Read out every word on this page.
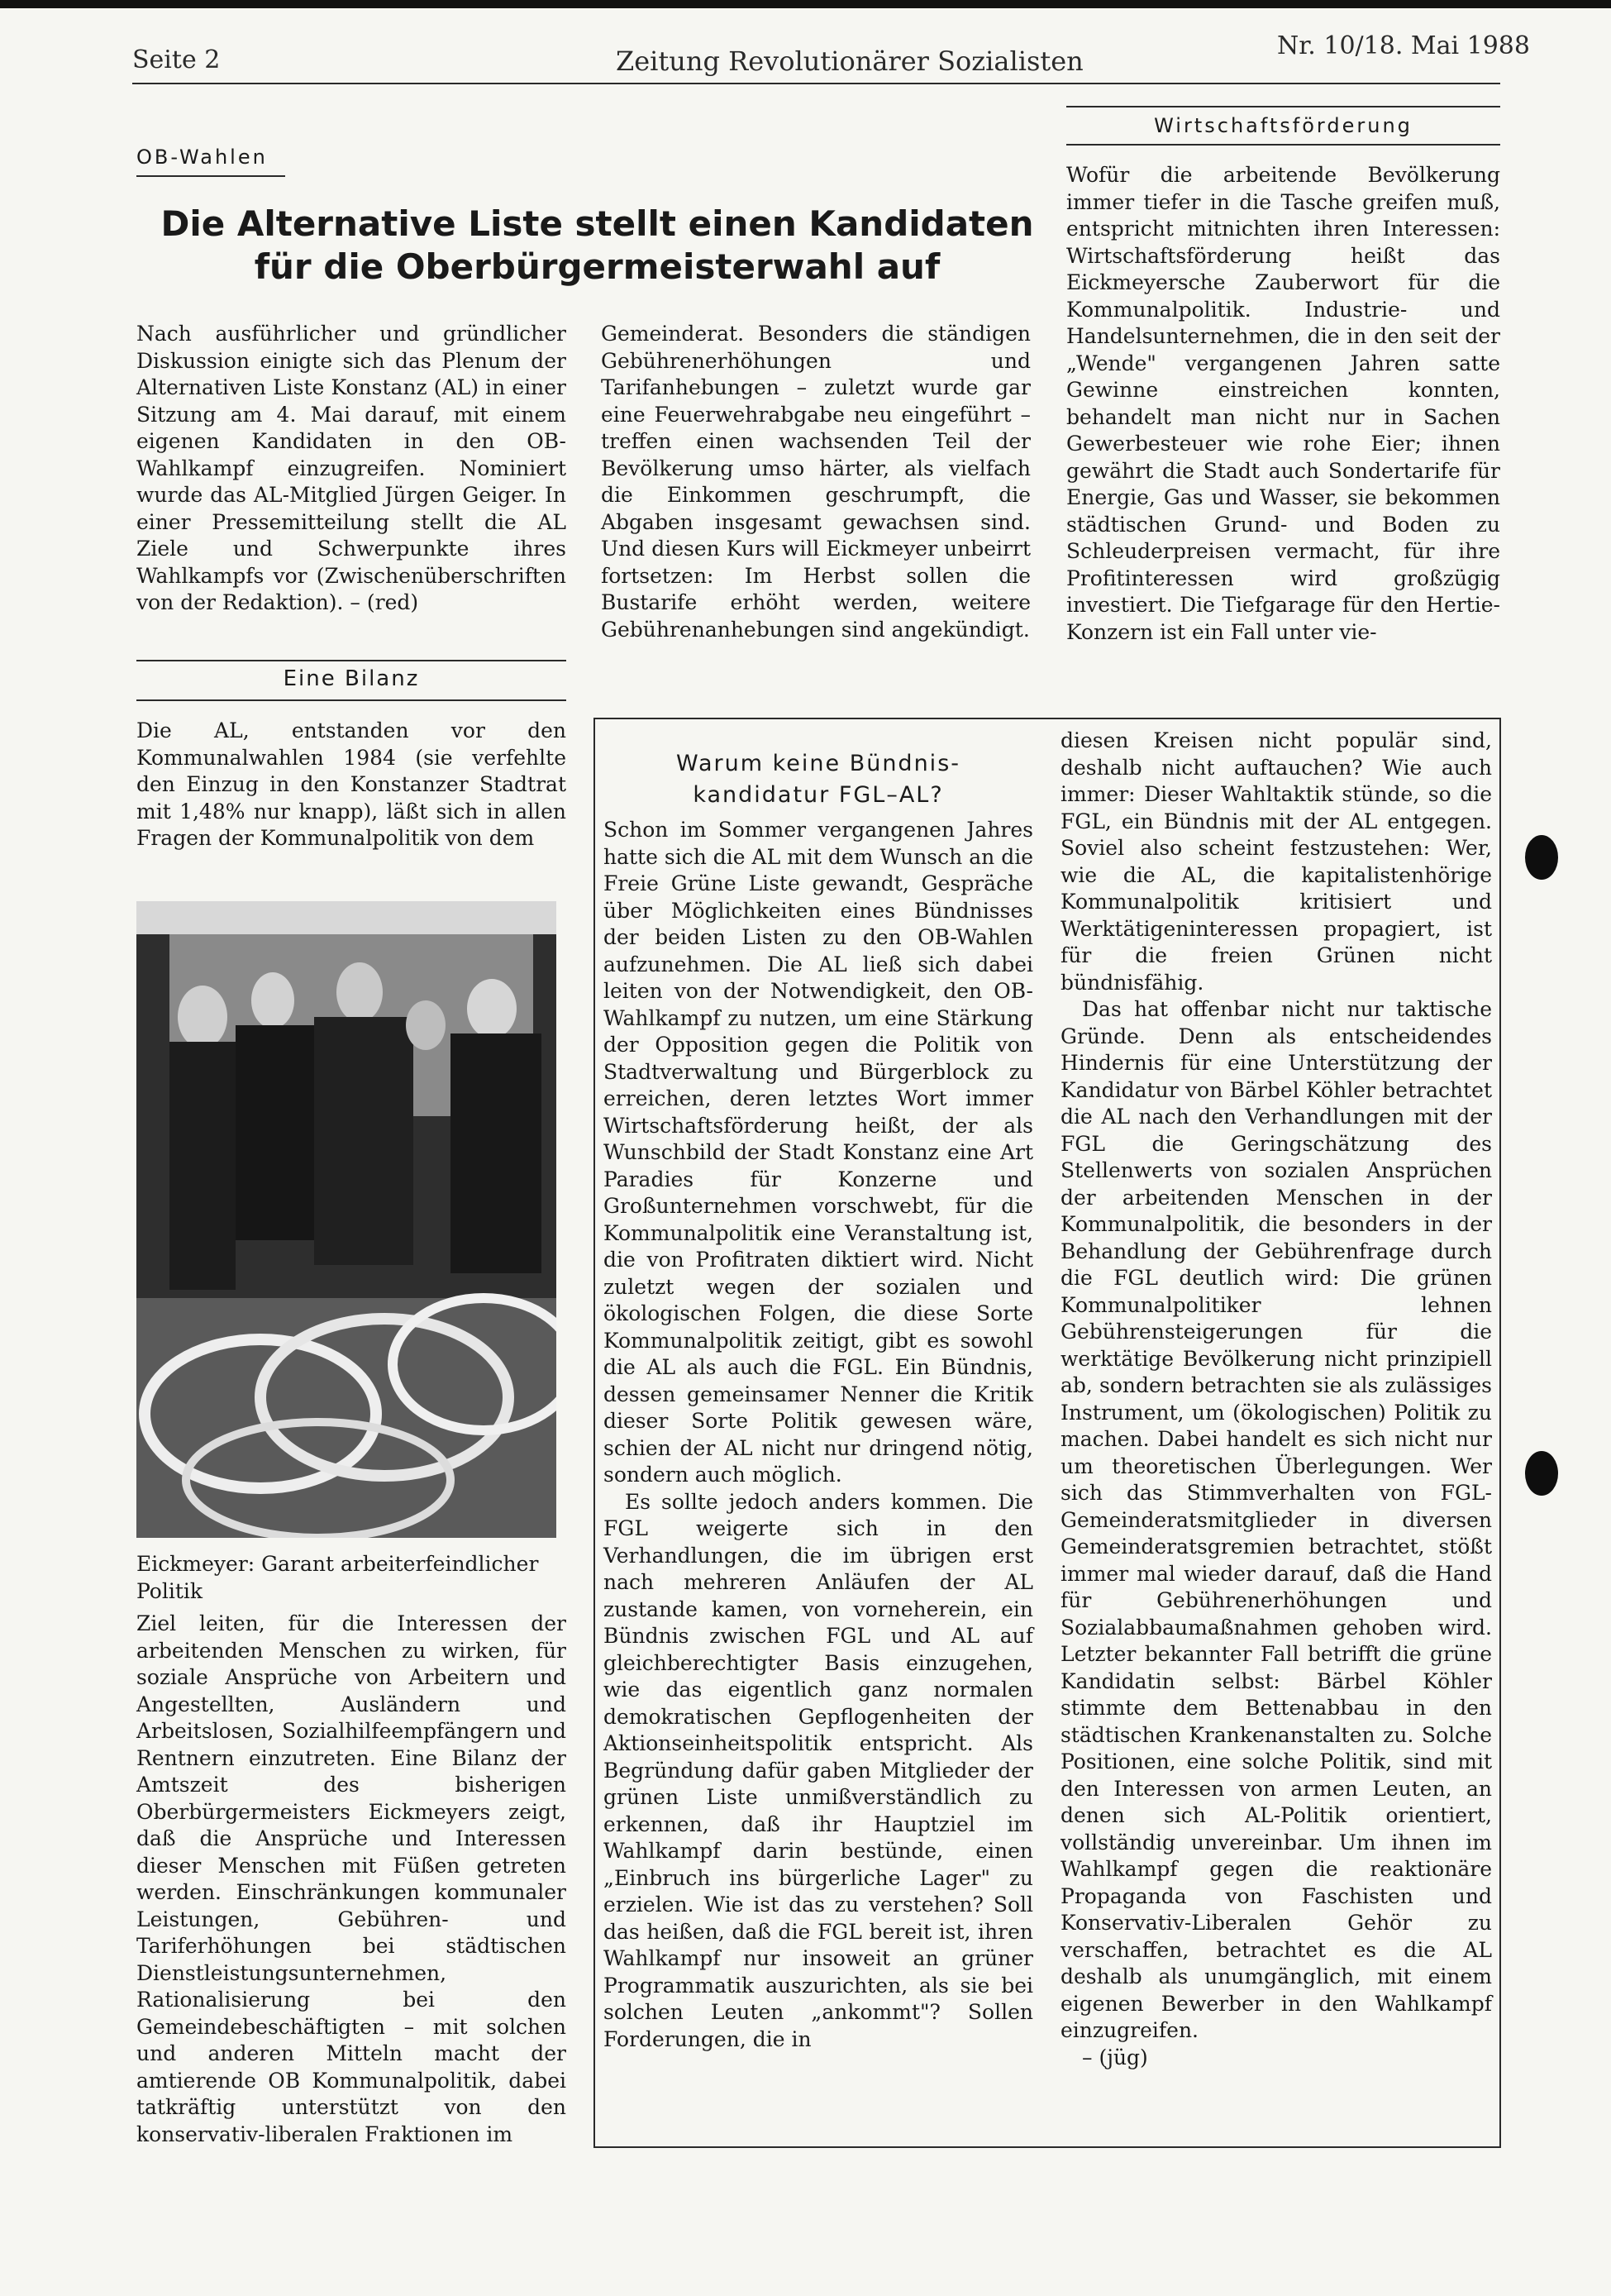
Seite 2	Zeitung Revolutionärer Sozialisten	Nr. 10/18. Mai 1988
Wirtschaftsförderung
OB-Wahlen
Die Alternative Liste stellt einen Kandidaten
für die Oberbürgermeisterwahl auf
Nach ausführlicher und gründlicher Diskussion einigte sich das Plenum der Alternativen Liste Konstanz (AL) in einer Sitzung am 4. Mai darauf, mit einem eigenen Kandidaten in den OB-Wahlkampf einzugreifen. Nominiert wurde das AL-Mitglied Jürgen Geiger. In einer Pressemitteilung stellt die AL Ziele und Schwerpunkte ihres Wahlkampfs vor (Zwischenüberschriften von der Redaktion). – (red)
Gemeinderat. Besonders die ständigen Gebührenerhöhungen und Tarifanhebungen – zuletzt wurde gar eine Feuerwehrabgabe neu eingeführt – treffen einen wachsenden Teil der Bevölkerung umso härter, als vielfach die Einkommen geschrumpft, die Abgaben insgesamt gewachsen sind. Und diesen Kurs will Eickmeyer unbeirrt fortsetzen: Im Herbst sollen die Bustarife erhöht werden, weitere Gebührenanhebungen sind angekündigt.
Wofür die arbeitende Bevölkerung immer tiefer in die Tasche greifen muß, entspricht mitnichten ihren Interessen: Wirtschaftsförderung heißt das Eickmeyersche Zauberwort für die Kommunalpolitik. Industrie- und Handelsunternehmen, die in den seit der „Wende" vergangenen Jahren satte Gewinne einstreichen konnten, behandelt man nicht nur in Sachen Gewerbesteuer wie rohe Eier; ihnen gewährt die Stadt auch Sondertarife für Energie, Gas und Wasser, sie bekommen städtischen Grund- und Boden zu Schleuderpreisen vermacht, für ihre Profitinteressen wird großzügig investiert. Die Tiefgarage für den Hertie-Konzern ist ein Fall unter vie-
Eine Bilanz
Die AL, entstanden vor den Kommunalwahlen 1984 (sie verfehlte den Einzug in den Konstanzer Stadtrat mit 1,48% nur knapp), läßt sich in allen Fragen der Kommunalpolitik von dem
Eickmeyer: Garant arbeiterfeindlicher Politik
Ziel leiten, für die Interessen der arbeitenden Menschen zu wirken, für soziale Ansprüche von Arbeitern und Angestellten, Ausländern und Arbeitslosen, Sozialhilfeempfängern und Rentnern einzutreten. Eine Bilanz der Amtszeit des bisherigen Oberbürgermeisters Eickmeyers zeigt, daß die Ansprüche und Interessen dieser Menschen mit Füßen getreten werden. Einschränkungen kommunaler Leistungen, Gebühren- und Tariferhöhungen bei städtischen Dienstleistungsunternehmen, Rationalisierung bei den Gemeindebeschäftigten – mit solchen und anderen Mitteln macht der amtierende OB Kommunalpolitik, dabei tatkräftig unterstützt von den konservativ-liberalen Fraktionen im
Warum keine Bündnis-
kandidatur FGL–AL?

Schon im Sommer vergangenen Jahres hatte sich die AL mit dem Wunsch an die Freie Grüne Liste gewandt, Gespräche über Möglichkeiten eines Bündnisses der beiden Listen zu den OB-Wahlen aufzunehmen. Die AL ließ sich dabei leiten von der Notwendigkeit, den OB-Wahlkampf zu nutzen, um eine Stärkung der Opposition gegen die Politik von Stadtverwaltung und Bürgerblock zu erreichen, deren letztes Wort immer Wirtschaftsförderung heißt, der als Wunschbild der Stadt Konstanz eine Art Paradies für Konzerne und Großunternehmen vorschwebt, für die Kommunalpolitik eine Veranstaltung ist, die von Profitraten diktiert wird. Nicht zuletzt wegen der sozialen und ökologischen Folgen, die diese Sorte Kommunalpolitik zeitigt, gibt es sowohl die AL als auch die FGL. Ein Bündnis, dessen gemeinsamer Nenner die Kritik dieser Sorte Politik gewesen wäre, schien der AL nicht nur dringend nötig, sondern auch möglich.

Es sollte jedoch anders kommen. Die FGL weigerte sich in den Verhandlungen, die im übrigen erst nach mehreren Anläufen der AL zustande kamen, von vorneherein, ein Bündnis zwischen FGL und AL auf gleichberechtigter Basis einzugehen, wie das eigentlich ganz normalen demokratischen Gepflogenheiten der Aktionseinheitspolitik entspricht. Als Begründung dafür gaben Mitglieder der grünen Liste unmißverständlich zu erkennen, daß ihr Hauptziel im Wahlkampf darin bestünde, einen „Einbruch ins bürgerliche Lager" zu erzielen. Wie ist das zu verstehen? Soll das heißen, daß die FGL bereit ist, ihren Wahlkampf nur insoweit an grüner Programmatik auszurichten, als sie bei solchen Leuten „ankommt"? Sollen Forderungen, die in

diesen Kreisen nicht populär sind, deshalb nicht auftauchen? Wie auch immer: Dieser Wahltaktik stünde, so die FGL, ein Bündnis mit der AL entgegen. Soviel also scheint festzustehen: Wer, wie die AL, die kapitalistenhörige Kommunalpolitik kritisiert und Werktätigeninteressen propagiert, ist für die freien Grünen nicht bündnisfähig.

Das hat offenbar nicht nur taktische Gründe. Denn als entscheidendes Hindernis für eine Unterstützung der Kandidatur von Bärbel Köhler betrachtet die AL nach den Verhandlungen mit der FGL die Geringschätzung des Stellenwerts von sozialen Ansprüchen der arbeitenden Menschen in der Kommunalpolitik, die besonders in der Behandlung der Gebührenfrage durch die FGL deutlich wird: Die grünen Kommunalpolitiker lehnen Gebührensteigerungen für die werktätige Bevölkerung nicht prinzipiell ab, sondern betrachten sie als zulässiges Instrument, um (ökologischen) Politik zu machen. Dabei handelt es sich nicht nur um theoretischen Überlegungen. Wer sich das Stimmverhalten von FGL-Gemeinderatsmitglieder in diversen Gemeinderatsgremien betrachtet, stößt immer mal wieder darauf, daß die Hand für Gebührenerhöhungen und Sozialabbaumaßnahmen gehoben wird. Letzter bekannter Fall betrifft die grüne Kandidatin selbst: Bärbel Köhler stimmte dem Bettenabbau in den städtischen Krankenanstalten zu. Solche Positionen, eine solche Politik, sind mit den Interessen von armen Leuten, an denen sich AL-Politik orientiert, vollständig unvereinbar. Um ihnen im Wahlkampf gegen die reaktionäre Propaganda von Faschisten und Konservativ-Liberalen Gehör zu verschaffen, betrachtet es die AL deshalb als unumgänglich, mit einem eigenen Bewerber in den Wahlkampf einzugreifen.

– (jüg)
